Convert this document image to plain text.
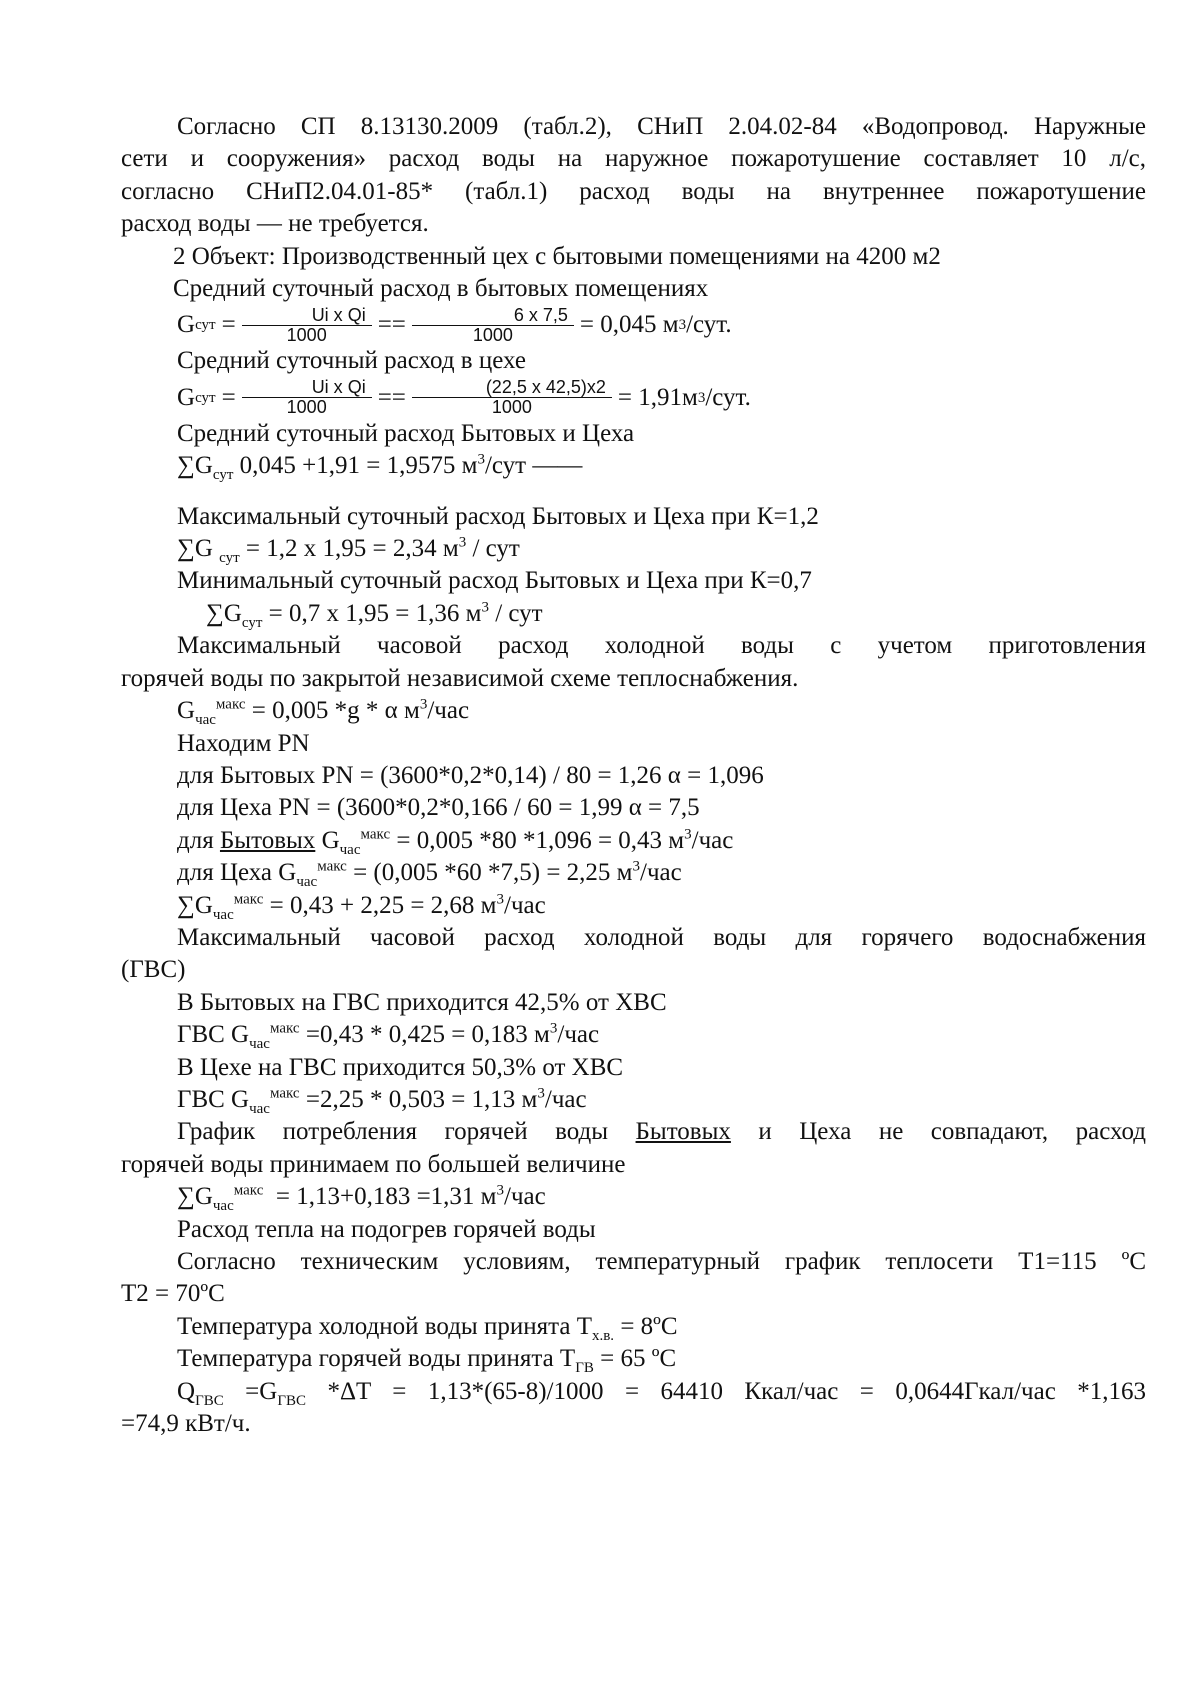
Согласно СП 8.13130.2009 (табл.2), СНиП 2.04.02-84 «Водопровод. Наружные

сети и сооружения» расход воды на наружное пожаротушение составляет 10 л/с,

согласно СНиП2.04.01-85* (табл.1) расход воды на внутреннее пожаротушение

расход воды — не требуется.

2 Объект: Производственный цех с бытовыми помещениями на 4200 м2

Средний суточный расход в бытовых помещениях

G сут = $\frac{\text{Ui x Qi}}{1000} == \frac{6 x 7,5}{1000} = 0,045$ м 3 /сут.

Средний суточный расход в цехе

G сут = $\frac{\text{Ui x Qi}}{1000} == \frac{(22,5 x 42,5)x2}{1000} = 1,91м$ 3 /сут.

Средний суточный расход Бытовых и Цеха

$\sum G_{сут}$ 0,045 +1,91 = 1,9575 $м^3$/сут ——

Максимальный суточный расход Бытовых и Цеха при К=1,2

∑G $_{сут}$ = 1,2 x 1,95 = 2,34 $м^3$ / сут

Минимальный суточный расход Бытовых и Цеха при К=0,7

$\sum G_{сут} = 0,7$ x 1,95 = 1,36 $м^3$ / сут

Максимальный часовой расход холодной воды с учетом приготовления

горячей воды по закрытой независимой схеме теплоснабжения.

$G_{час}^{макс} = 0,005$ *g * α $м^3$/час

Находим PN

для Бытовых PN = (3600*0,2*0,14) / 80 = 1,26 α = 1,096

для Цеха PN = (3600*0,2*0,166 / 60 = 1,99 α = 7,5

для Бытовых $G_{час}^{макс} = 0,005$ *80 *1,096 = 0,43 $м^3$/час

для Цеха $G_{час}^{макс} = (0,005$ *60 *7,5) = 2,25 $м^3$/час

$\sum G_{час}^{макс} = 0,43 + 2,25 = 2,68$ $м^3$/час

Максимальный часовой расход холодной воды для горячего водоснабжения

(ГВС)

В Бытовых на ГВС приходится 42,5% от ХВС

ГВС $G_{час}^{макс} =0,43 * 0,425 = 0,183$ $м^3$/час

В Цехе на ГВС приходится 50,3% от ХВС

ГВС $G_{час}^{макс} =2,25 * 0,503 = 1,13$ $м^3$/час

График потребления горячей воды Бытовых и Цеха не совпадают, расход

горячей воды принимаем по большей величине

$\sum G_{час}^{макс} = 1,13+0,183 =1,31$ $м^3$/час

Расход тепла на подогрев горячей воды

Согласно техническим условиям, температурный график теплосети T1=115 ºC

T2 = 70ºC

Температура холодной воды принята $T_{х.в.}$ = 8ºC

Температура горячей воды принята $T_{ГВ} = 65$ ºC

$Q_{ГВС} =G_{ГВС}$ *ΔT = 1,13*(65-8)/1000 = 64410 Ккал/час = 0,0644Гкал/час *1,163

=74,9 кВт/ч.
